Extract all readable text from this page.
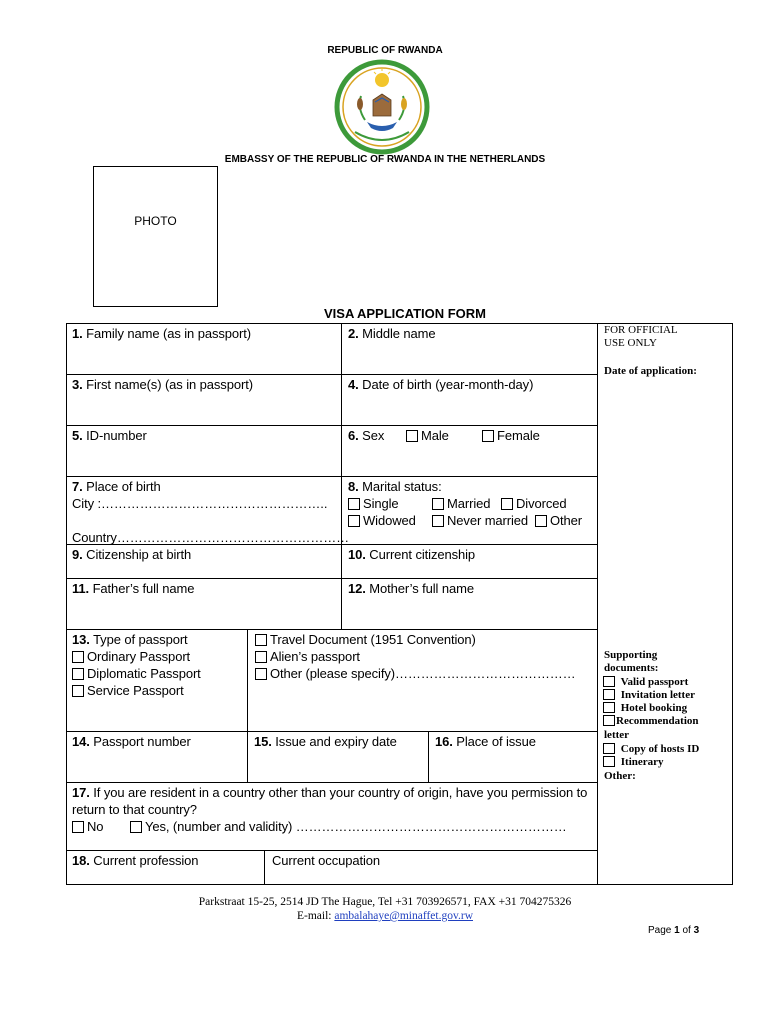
REPUBLIC OF RWANDA
EMBASSY OF THE REPUBLIC OF RWANDA IN THE NETHERLANDS
PHOTO
VISA APPLICATION FORM
1. Family name (as in passport)	2. Middle name
3. First name(s) (as in passport)	4. Date of birth (year-month-day)
5. ID-number	6. Sex	Male	Female
7. Place of birth
City :……………………………………………..
Country………………………………………………
8. Marital status:
Single	Married	Divorced
Widowed	Never married	Other
9. Citizenship at birth	10. Current citizenship
11. Father’s full name	12. Mother’s full name
13. Type of passport
Ordinary Passport
Diplomatic Passport
Service Passport
Travel Document (1951 Convention)
Alien’s passport
Other (please specify)……………………………………
14. Passport number	15. Issue and expiry date	16. Place of issue
17. If you are resident in a country other than your country of origin, have you permission to
return to that country?
No	Yes, (number and validity) ………………………………………………………
18. Current profession	Current occupation
FOR OFFICIAL
USE ONLY
Date of application:
Supporting
documents:
Valid passport
Invitation letter
Hotel booking
Recommendation
letter
Copy of hosts ID
Itinerary
Other:
Parkstraat 15-25, 2514 JD The Hague, Tel +31 703926571, FAX +31 704275326
E-mail: ambalahaye@minaffet.gov.rw
Page 1 of 3
